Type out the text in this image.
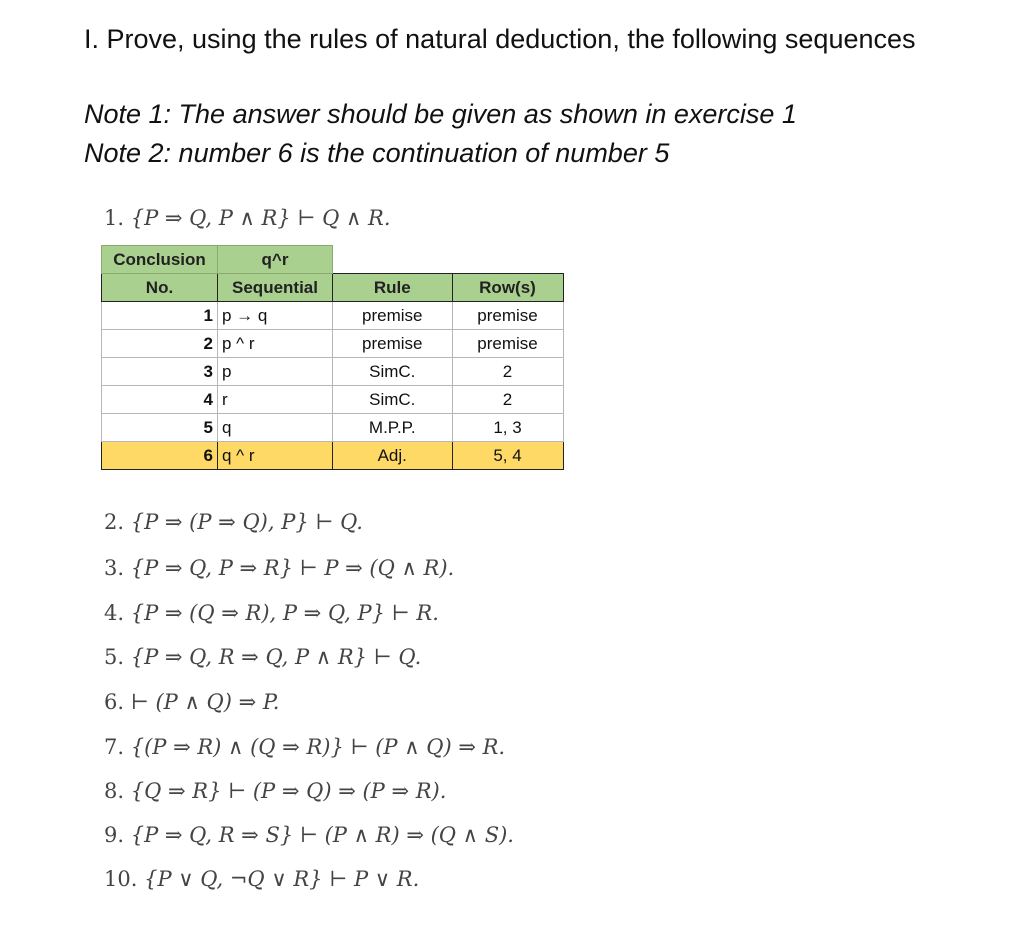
I. Prove, using the rules of natural deduction, the following sequences
Note 1: The answer should be given as shown in exercise 1
Note 2: number 6 is the continuation of number 5
1. {P ⇒ Q, P ∧ R} ⊢ Q ∧ R.
Conclusion	q^r		
No.	Sequential	Rule	Row(s)
1	p → q	premise	premise
2	p ^ r	premise	premise
3	p	SimC.	2
4	r	SimC.	2
5	q	M.P.P.	1, 3
6	q ^ r	Adj.	5, 4
2. {P ⇒ (P ⇒ Q), P} ⊢ Q.
3. {P ⇒ Q, P ⇒ R} ⊢ P ⇒ (Q ∧ R).
4. {P ⇒ (Q ⇒ R), P ⇒ Q, P} ⊢ R.
5. {P ⇒ Q, R ⇒ Q, P ∧ R} ⊢ Q.
6. ⊢ (P ∧ Q) ⇒ P.
7. {(P ⇒ R) ∧ (Q ⇒ R)} ⊢ (P ∧ Q) ⇒ R.
8. {Q ⇒ R} ⊢ (P ⇒ Q) ⇒ (P ⇒ R).
9. {P ⇒ Q, R ⇒ S} ⊢ (P ∧ R) ⇒ (Q ∧ S).
10. {P ∨ Q, ¬Q ∨ R} ⊢ P ∨ R.
